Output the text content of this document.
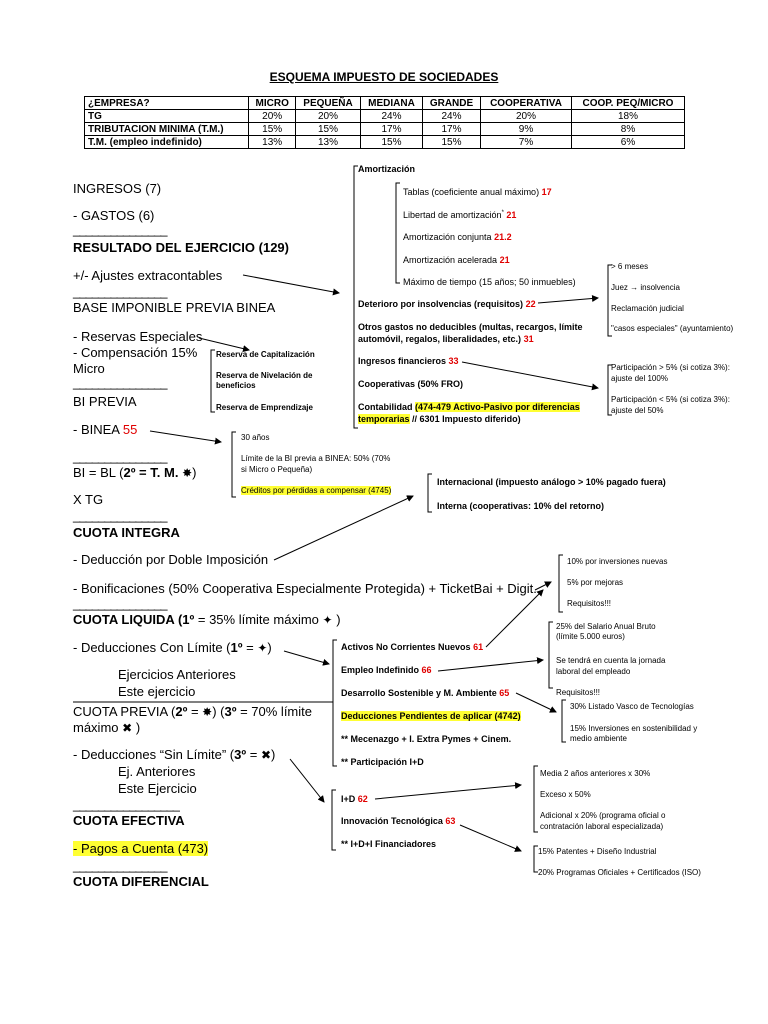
ESQUEMA IMPUESTO DE SOCIEDADES
¿EMPRESA?	MICRO	PEQUEÑA	MEDIANA	GRANDE	COOPERATIVA	COOP. PEQ/MICRO
TG	20%	20%	24%	24%	20%	18%
TRIBUTACION MINIMA (T.M.)	15%	15%	17%	17%	9%	8%
T.M. (empleo indefinido)	13%	13%	15%	15%	7%	6%
INGRESOS (7)
- GASTOS (6)
_______________
RESULTADO DEL EJERCICIO (129)
+/- Ajustes extracontables
_______________
BASE IMPONIBLE PREVIA BINEA
- Reservas Especiales
- Compensación 15%
Micro
_______________
BI PREVIA
- BINEA 55
_______________
BI = BL (2º = T. M. ✸)
X TG
_______________
CUOTA INTEGRA
- Deducción por Doble Imposición
- Bonificaciones (50% Cooperativa Especialmente Protegida) + TicketBai + Digit.
_______________
CUOTA LIQUIDA (1º = 35% límite máximo ✦ )
- Deducciones Con Límite (1º = ✦)
Ejercicios Anteriores
Este ejercicio
CUOTA PREVIA (2º = ✸) (3º = 70% límite
máximo ✖ )
- Deducciones “Sin Límite” (3º = ✖)
Ej. Anteriores
Este Ejercicio
_________________
CUOTA EFECTIVA
- Pagos a Cuenta (473)
_______________
CUOTA DIFERENCIAL
Amortización
Tablas (coeficiente anual máximo) 17
Libertad de amortización* 21
Amortización conjunta 21.2
Amortización acelerada 21
Máximo de tiempo (15 años; 50 inmuebles)
Deterioro por insolvencias (requisitos) 22
Otros gastos no deducibles (multas, recargos, límite
automóvil, regalos, liberalidades, etc.) 31
Ingresos financieros 33
Cooperativas (50% FRO)
Contabilidad (474-479 Activo-Pasivo por diferencias
temporarias // 6301 Impuesto diferido)
> 6 meses
Juez → insolvencia
Reclamación judicial
"casos especiales" (ayuntamiento)
Participación > 5% (si cotiza 3%):
ajuste del 100%
Participación < 5% (si cotiza 3%):
ajuste del 50%
Reserva de Capitalización
Reserva de Nivelación de
beneficios
Reserva de Emprendizaje
30 años
Límite de la BI previa a BINEA: 50% (70%
si Micro o Pequeña)
Créditos por pérdidas a compensar (4745)
Internacional (impuesto análogo > 10% pagado fuera)
Interna (cooperativas: 10% del retorno)
10% por inversiones nuevas
5% por mejoras
Requisitos!!!
Activos No Corrientes Nuevos 61
Empleo Indefinido 66
Desarrollo Sostenible y M. Ambiente 65
Deducciones Pendientes de aplicar (4742)
** Mecenazgo + I. Extra Pymes + Cinem.
** Participación I+D
25% del Salario Anual Bruto
(límite 5.000 euros)
Se tendrá en cuenta la jornada
laboral del empleado
Requisitos!!!
30% Listado Vasco de Tecnologías
15% Inversiones en sostenibilidad y
medio ambiente
I+D 62
Innovación Tecnológica 63
** I+D+I Financiadores
Media 2 años anteriores x 30%
Exceso x 50%
Adicional x 20% (programa oficial o
contratación laboral especializada)
15% Patentes + Diseño Industrial
20% Programas Oficiales + Certificados (ISO)
